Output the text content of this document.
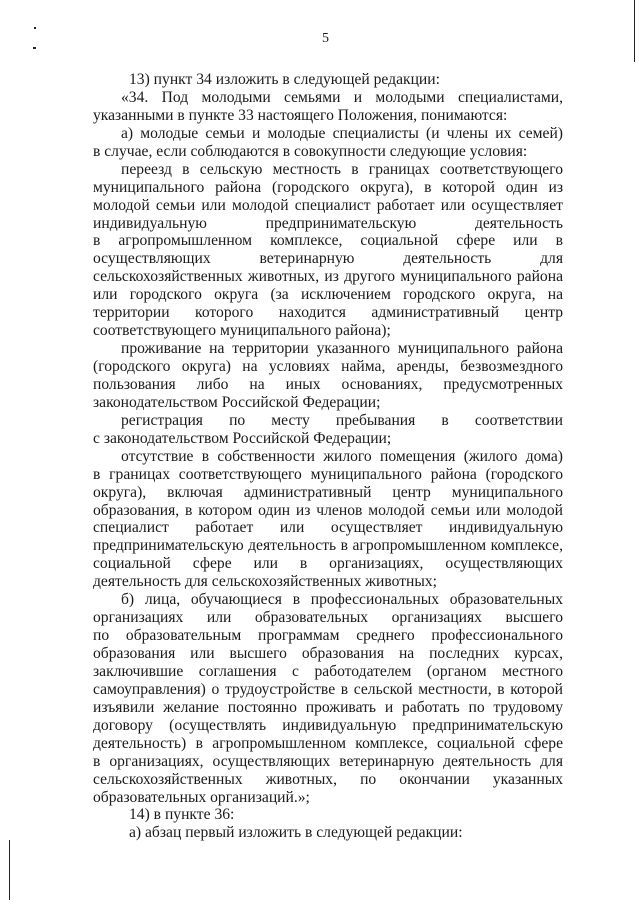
5
13) пункт 34 изложить в следующей редакции:
«34. Под молодыми семьями и молодыми специалистами,
указанными в пункте 33 настоящего Положения, понимаются:
а) молодые семьи и молодые специалисты (и члены их семей)
в случае, если соблюдаются в совокупности следующие условия:
переезд в сельскую местность в границах соответствующего
муниципального района (городского округа), в которой один из
молодой семьи или молодой специалист работает или осуществляет
индивидуальную предпринимательскую деятельность
в агропромышленном комплексе, социальной сфере или в
осуществляющих ветеринарную деятельность для
сельскохозяйственных животных, из другого муниципального района
или городского округа (за исключением городского округа, на
территории которого находится административный центр
соответствующего муниципального района);
проживание на территории указанного муниципального района
(городского округа) на условиях найма, аренды, безвозмездного
пользования либо на иных основаниях, предусмотренных
законодательством Российской Федерации;
регистрация по месту пребывания в соответствии
с законодательством Российской Федерации;
отсутствие в собственности жилого помещения (жилого дома)
в границах соответствующего муниципального района (городского
округа), включая административный центр муниципального
образования, в котором один из членов молодой семьи или молодой
специалист работает или осуществляет индивидуальную
предпринимательскую деятельность в агропромышленном комплексе,
социальной сфере или в организациях, осуществляющих
деятельность для сельскохозяйственных животных;
б) лица, обучающиеся в профессиональных образовательных
организациях или образовательных организациях высшего
по образовательным программам среднего профессионального
образования или высшего образования на последних курсах,
заключившие соглашения с работодателем (органом местного
самоуправления) о трудоустройстве в сельской местности, в которой
изъявили желание постоянно проживать и работать по трудовому
договору (осуществлять индивидуальную предпринимательскую
деятельность) в агропромышленном комплексе, социальной сфере
в организациях, осуществляющих ветеринарную деятельность для
сельскохозяйственных животных, по окончании указанных
образовательных организаций.»;
14) в пункте 36:
а) абзац первый изложить в следующей редакции:
